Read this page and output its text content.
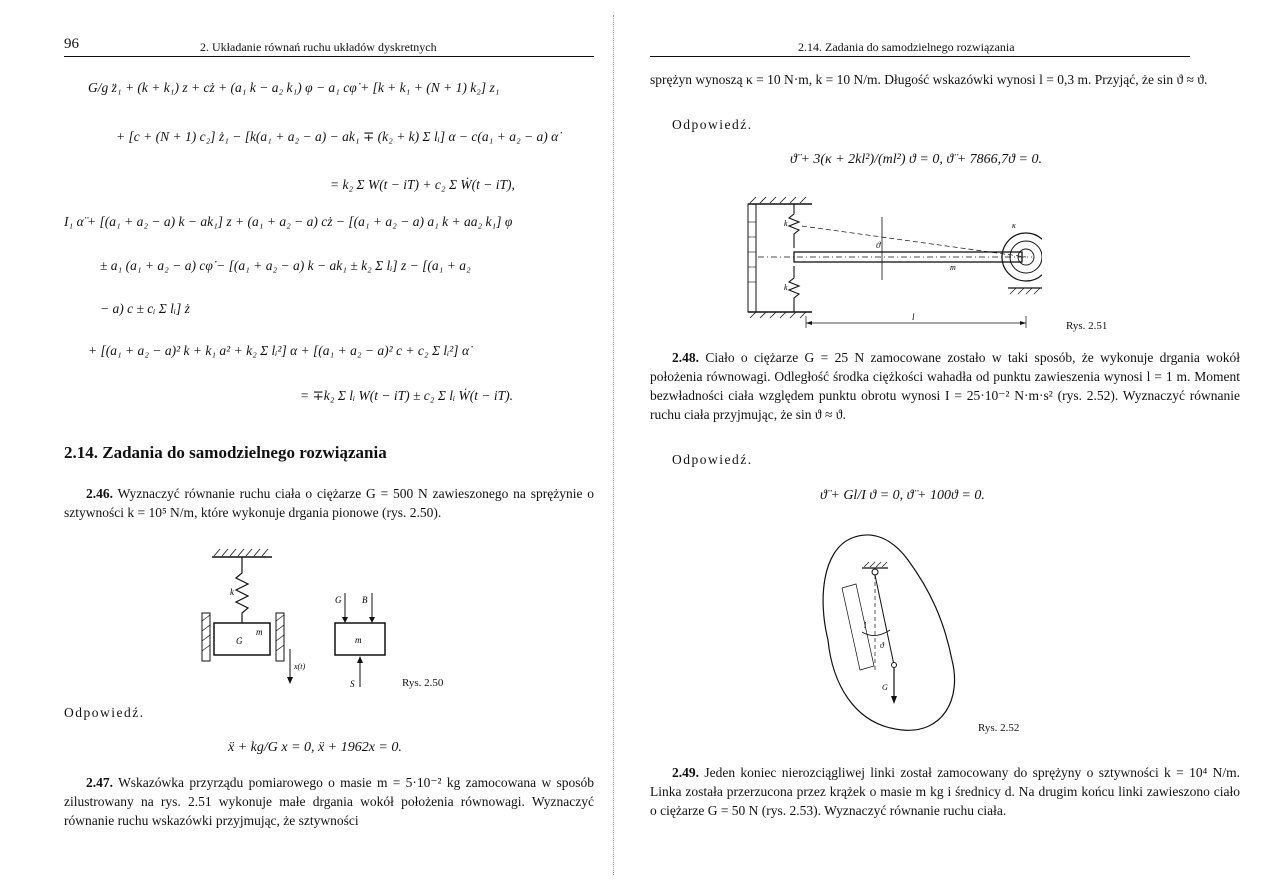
96	2. Układanie równań ruchu układów dyskretnych
G/g z̈₁ + (k + k₁) z + cż + (a₁ k − a₂ k₁) φ − a₁ cφ̇ + [k + k₁ + (N + 1) k₂] z₁
+ [c + (N + 1) c₂] ż₁ − [k(a₁ + a₂ − a) − ak₁ ∓ (k₂ + k) Σ lᵢ] α − c(a₁ + a₂ − a) α̇
= k₂ Σ W(t − iT) + c₂ Σ Ẇ(t − iT),
I₁ α̈ + [(a₁ + a₂ − a) k − ak₁] z + (a₁ + a₂ − a) cż − [(a₁ + a₂ − a) a₁ k + aa₂ k₁] φ
± a₁ (a₁ + a₂ − a) cφ̇ − [(a₁ + a₂ − a) k − ak₁ ± k₂ Σ lᵢ] z − [(a₁ + a₂
− a) c ± cᵢ Σ lᵢ] ż
+ [(a₁ + a₂ − a)² k + k₁ a² + k₂ Σ lᵢ²] α + [(a₁ + a₂ − a)² c + c₂ Σ lᵢ²] α̇
= ∓k₂ Σ lᵢ W(t − iT) ± c₂ Σ lᵢ Ẇ(t − iT).
2.14. Zadania do samodzielnego rozwiązania
2.46. Wyznaczyć równanie ruchu ciała o ciężarze G = 500 N zawieszonego na sprężynie o sztywności k = 10⁵ N/m, które wykonuje drgania pionowe (rys. 2.50).
k
G
m
x(t)
m
G B
S	Rys. 2.50
Odpowiedź.
ẍ + kg/G x = 0, ẍ + 1962x = 0.
2.47. Wskazówka przyrządu pomiarowego o masie m = 5·10⁻² kg zamocowana w sposób zilustrowany na rys. 2.51 wykonuje małe drgania wokół położenia równowagi. Wyznaczyć równanie ruchu wskazówki przyjmując, że sztywności
2.14. Zadania do samodzielnego rozwiązania
sprężyn wynoszą κ = 10 N·m, k = 10 N/m. Długość wskazówki wynosi l = 0,3 m. Przyjąć, że sin ϑ ≈ ϑ.
Odpowiedź.
ϑ̈ + 3(κ + 2kl²)/(ml²) ϑ = 0, ϑ̈ + 7866,7ϑ = 0.
k
k
m
ϑ
κ
l
Rys. 2.51
2.48. Ciało o ciężarze G = 25 N zamocowane zostało w taki sposób, że wykonuje drgania wokół położenia równowagi. Odległość środka ciężkości wahadła od punktu zawieszenia wynosi l = 1 m. Moment bezwładności ciała względem punktu obrotu wynosi I = 25·10⁻² N·m·s² (rys. 2.52). Wyznaczyć równanie ruchu ciała przyjmując, że sin ϑ ≈ ϑ.
Odpowiedź.
ϑ̈ + Gl/I ϑ = 0, ϑ̈ + 100ϑ = 0.
l
ϑ
G
Rys. 2.52
2.49. Jeden koniec nierozciągliwej linki został zamocowany do sprężyny o sztywności k = 10⁴ N/m. Linka została przerzucona przez krążek o masie m kg i średnicy d. Na drugim końcu linki zawieszono ciało o ciężarze G = 50 N (rys. 2.53). Wyznaczyć równanie ruchu ciała.
